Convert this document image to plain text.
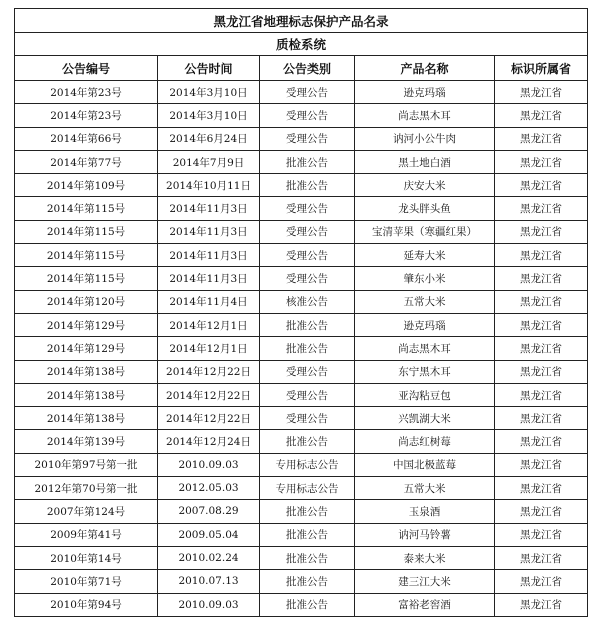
黑龙江省地理标志保护产品名录				
质检系统				
公告编号	公告时间	公告类别	产品名称	标识所属省
2014年第23号	2014年3月10日	受理公告	逊克玛瑙	黑龙江省
2014年第23号	2014年3月10日	受理公告	尚志黑木耳	黑龙江省
2014年第66号	2014年6月24日	受理公告	讷河小公牛肉	黑龙江省
2014年第77号	2014年7月9日	批准公告	黑土地白酒	黑龙江省
2014年第109号	2014年10月11日	批准公告	庆安大米	黑龙江省
2014年第115号	2014年11月3日	受理公告	龙头胖头鱼	黑龙江省
2014年第115号	2014年11月3日	受理公告	宝清苹果（寒疆红果）	黑龙江省
2014年第115号	2014年11月3日	受理公告	延寿大米	黑龙江省
2014年第115号	2014年11月3日	受理公告	肇东小米	黑龙江省
2014年第120号	2014年11月4日	核准公告	五常大米	黑龙江省
2014年第129号	2014年12月1日	批准公告	逊克玛瑙	黑龙江省
2014年第129号	2014年12月1日	批准公告	尚志黑木耳	黑龙江省
2014年第138号	2014年12月22日	受理公告	东宁黑木耳	黑龙江省
2014年第138号	2014年12月22日	受理公告	亚沟粘豆包	黑龙江省
2014年第138号	2014年12月22日	受理公告	兴凯湖大米	黑龙江省
2014年第139号	2014年12月24日	批准公告	尚志红树莓	黑龙江省
2010年第97号第一批	2010.09.03	专用标志公告	中国北极蓝莓	黑龙江省
2012年第70号第一批	2012.05.03	专用标志公告	五常大米	黑龙江省
2007年第124号	2007.08.29	批准公告	玉泉酒	黑龙江省
2009年第41号	2009.05.04	批准公告	讷河马铃薯	黑龙江省
2010年第14号	2010.02.24	批准公告	泰来大米	黑龙江省
2010年第71号	2010.07.13	批准公告	建三江大米	黑龙江省
2010年第94号	2010.09.03	批准公告	富裕老窖酒	黑龙江省
